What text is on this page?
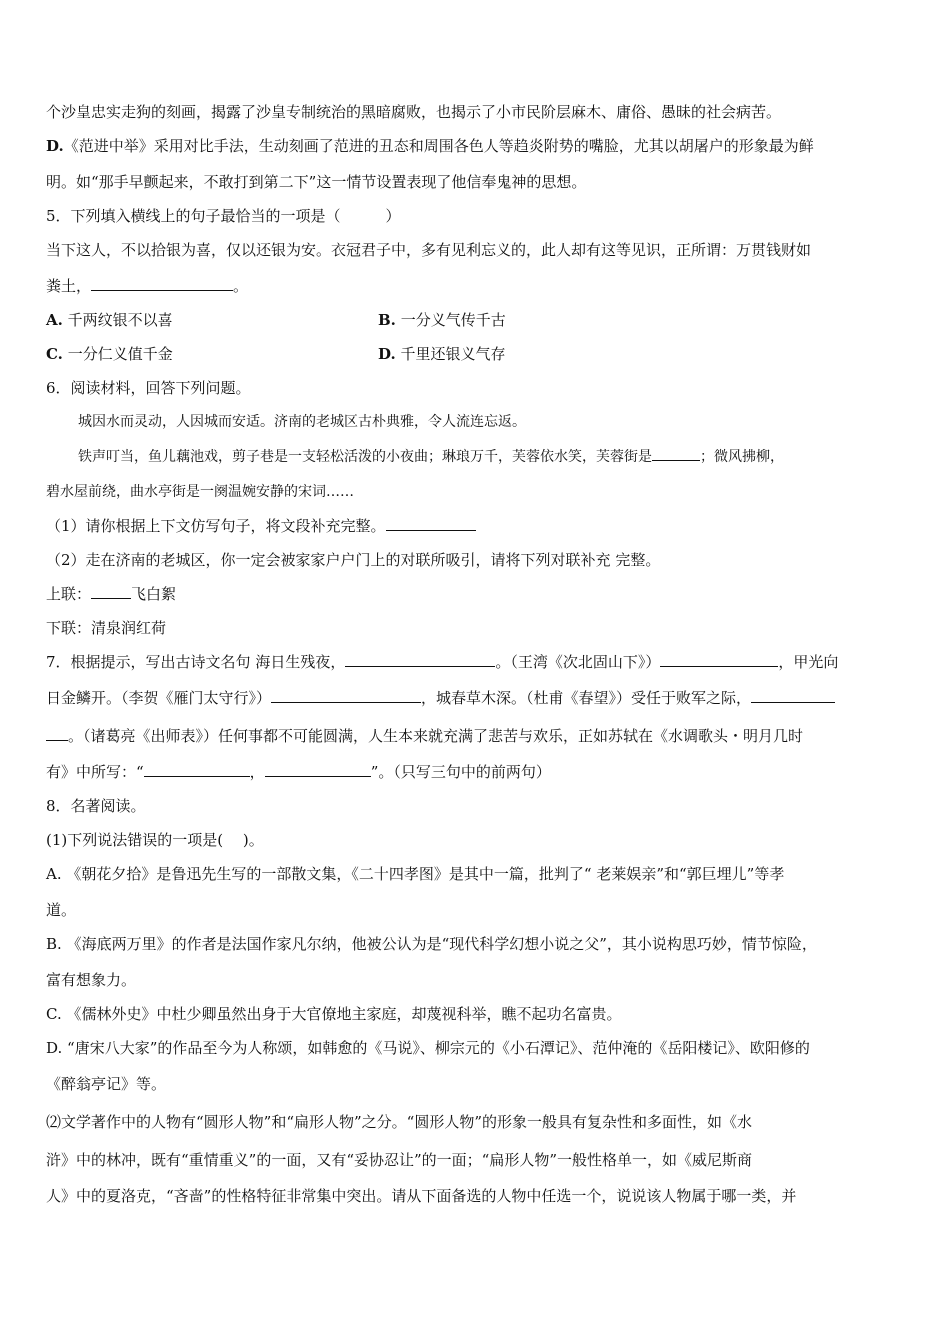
个沙皇忠实走狗的刻画，揭露了沙皇专制统治的黑暗腐败，也揭示了小市民阶层麻木、庸俗、愚昧的社会病苦。
D.《范进中举》采用对比手法，生动刻画了范进的丑态和周围各色人等趋炎附势的嘴脸，尤其以胡屠户的形象最为鲜
明。如“那手早颤起来，不敢打到第二下”这一情节设置表现了他信奉鬼神的思想。
5．下列填入横线上的句子最恰当的一项是（　　　）
当下这人，不以拾银为喜，仅以还银为安。衣冠君子中，多有见利忘义的，此人却有这等见识，正所谓：万贯钱财如
粪土，	。
A. 千两纹银不以喜	B. 一分义气传千古
C. 一分仁义值千金	D. 千里还银义气存
6．阅读材料，回答下列问题。
城因水而灵动，人因城而安适。济南的老城区古朴典雅，令人流连忘返。
铁声叮当，鱼儿藕池戏，剪子巷是一支轻松活泼的小夜曲；琳琅万千，芙蓉依水笑，芙蓉街是	；微风拂柳，
碧水屋前绕，曲水亭街是一阕温婉安静的宋词……
（1）请你根据上下文仿写句子，将文段补充完整。
（2）走在济南的老城区，你一定会被家家户户门上的对联所吸引，请将下列对联补充 完整。
上联：	飞白絮
下联：清泉润红荷
7．根据提示，写出古诗文名句 海日生残夜，	。（王湾《次北固山下》）	，甲光向
日金鳞开。（李贺《雁门太守行》）	，城春草木深。（杜甫《春望》）受任于败军之际，
。（诸葛亮《出师表》）任何事都不可能圆满，人生本来就充满了悲苦与欢乐，正如苏轼在《水调歌头・明月几时
有》中所写：“	，	”。（只写三句中的前两句）
8．名著阅读。
(1)下列说法错误的一项是(　 )。
A. 《朝花夕拾》是鲁迅先生写的一部散文集，《二十四孝图》是其中一篇，批判了“ 老莱娱亲”和“郭巨埋儿”等孝
道。
B. 《海底两万里》的作者是法国作家凡尔纳，他被公认为是“现代科学幻想小说之父”，其小说构思巧妙，情节惊险，
富有想象力。
C. 《儒林外史》中杜少卿虽然出身于大官僚地主家庭，却蔑视科举，瞧不起功名富贵。
D. “唐宋八大家”的作品至今为人称颂，如韩愈的《马说》、柳宗元的《小石潭记》、范仲淹的《岳阳楼记》、欧阳修的
《醉翁亭记》等。
⑵文学著作中的人物有“圆形人物”和“扁形人物”之分。“圆形人物”的形象一般具有复杂性和多面性，如《水
浒》中的林冲，既有“重情重义”的一面，又有“妥协忍让”的一面；“扁形人物”一般性格单一，如《威尼斯商
人》中的夏洛克，“吝啬”的性格特征非常集中突出。请从下面备选的人物中任选一个，说说该人物属于哪一类，并
